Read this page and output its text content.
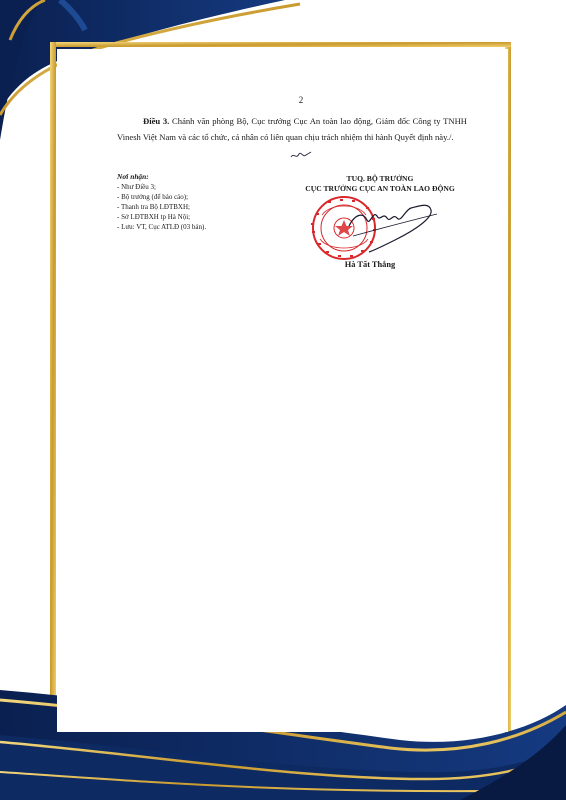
2

Điều 3. Chánh văn phòng Bộ, Cục trưởng Cục An toàn lao động, Giám đốc Công ty TNHH Vinesh Việt Nam và các tổ chức, cá nhân có liên quan chịu trách nhiệm thi hành Quyết định này./.

Nơi nhận:
- Như Điều 3;
- Bộ trưởng (để báo cáo);
- Thanh tra Bộ LĐTBXH;
- Sở LĐTBXH tp Hà Nội;
- Lưu: VT, Cục ATLĐ (03 bản).
TUQ. BỘ TRƯỞNG
CỤC TRƯỞNG CỤC AN TOÀN LAO ĐỘNG
Hà Tất Thắng
